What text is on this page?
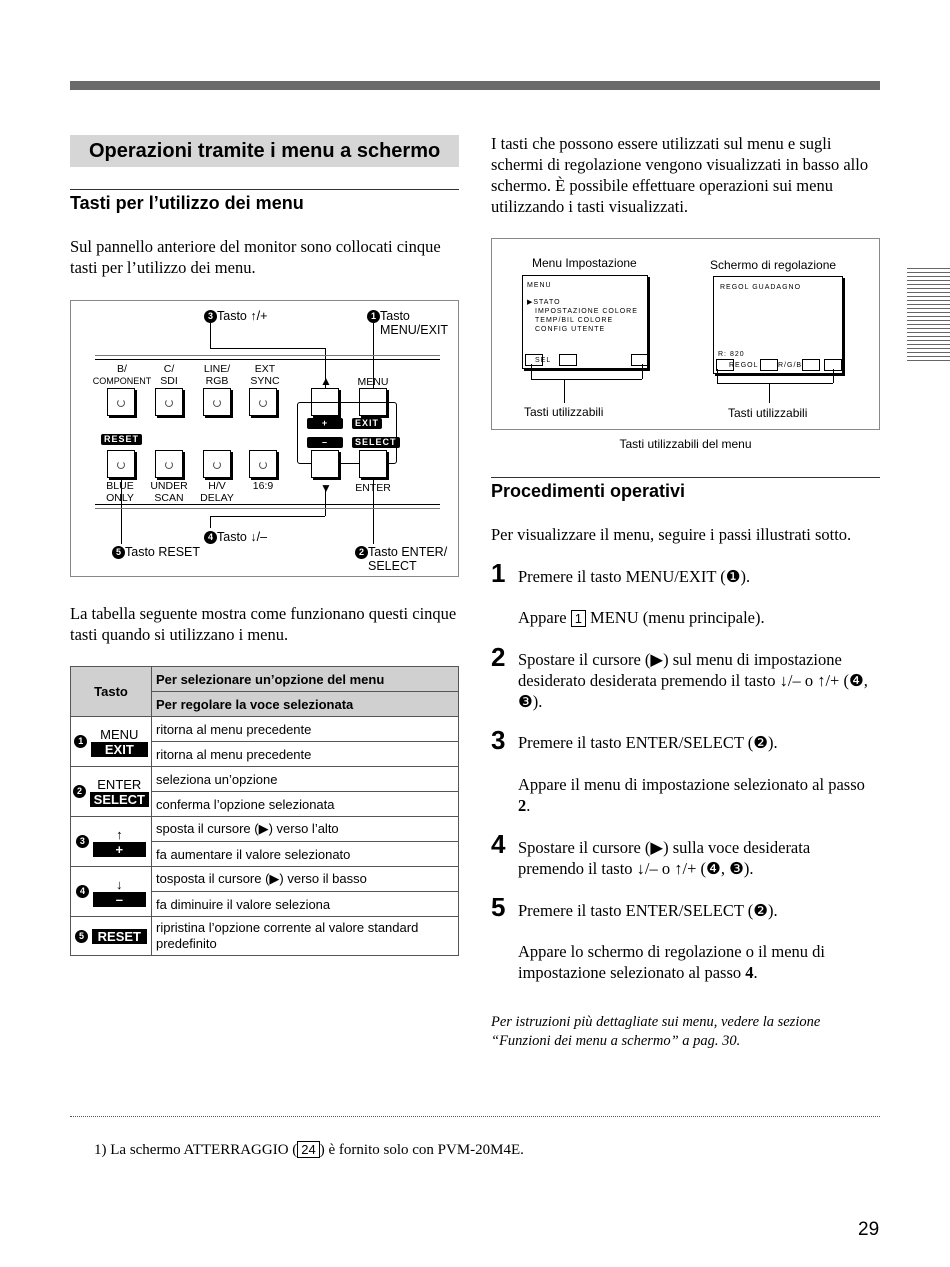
Operazioni tramite i menu a schermo
Tasti per l’utilizzo dei menu
Sul pannello anteriore del monitor sono collocati cinque tasti per l’utilizzo dei menu.
3 Tasto ↑/+	1 Tasto
MENU/EXIT
4 Tasto ↓/–
5 Tasto RESET	2 Tasto ENTER/
SELECT
B/
COMPONENT
C/
SDI
LINE/
RGB
EXT
SYNC	MENU
▲
▼
+
–
EXIT
SELECT
RESET
BLUE
ONLY
UNDER
SCAN
H/V
DELAY
16:9	ENTER
La tabella seguente mostra come funzionano questi cinque tasti quando si utilizzano i menu.
Tasto	Per selezionare un’opzione del menu
	Per regolare la voce selezionata

1
MENU
EXIT	ritorna al menu precedente
	ritorna al menu precedente

2
ENTER
SELECT	seleziona un’opzione
	conferma l’opzione selezionata

3
↑
+	sposta il cursore (▶) verso l’alto
	fa aumentare il valore selezionato

4
↓
–	tosposta il cursore (▶) verso il basso
	fa diminuire il valore seleziona

5
RESET	ripristina l’opzione corrente al valore standard predefinito
I tasti che possono essere utilizzati sul menu e sugli schermi di regolazione vengono visualizzati in basso allo schermo. È possibile effettuare operazioni sui menu utilizzando i tasti visualizzati.
Menu Impostazione	Schermo di regolazione
MENU
▶STATO
IMPOSTAZIONE COLORE
TEMP/BIL COLORE
CONFIG UTENTE
SEL
REGOL GUADAGNO
R: 820
REGOL	R/G/B
Tasti utilizzabili	Tasti utilizzabili
Tasti utilizzabili del menu
Procedimenti operativi
Per visualizzare il menu, seguire i passi illustrati sotto.
1 Premere il tasto MENU/EXIT (❶).
Appare 1 MENU (menu principale).
2 Spostare il cursore (▶) sul menu di impostazione desiderato desiderata premendo il tasto ↓/– o ↑/+ (❹, ❸).
3 Premere il tasto ENTER/SELECT (❷).
Appare il menu di impostazione selezionato al passo 2.
4 Spostare il cursore (▶) sulla voce desiderata premendo il tasto ↓/– o ↑/+ (❹, ❸).
5 Premere il tasto ENTER/SELECT (❷).
Appare lo schermo di regolazione o il menu di impostazione selezionato al passo 4.
Per istruzioni più dettagliate sui menu, vedere la sezione “Funzioni dei menu a schermo” a pag. 30.
1) La schermo ATTERRAGGIO ( 24 ) è fornito solo con PVM-20M4E.
29
